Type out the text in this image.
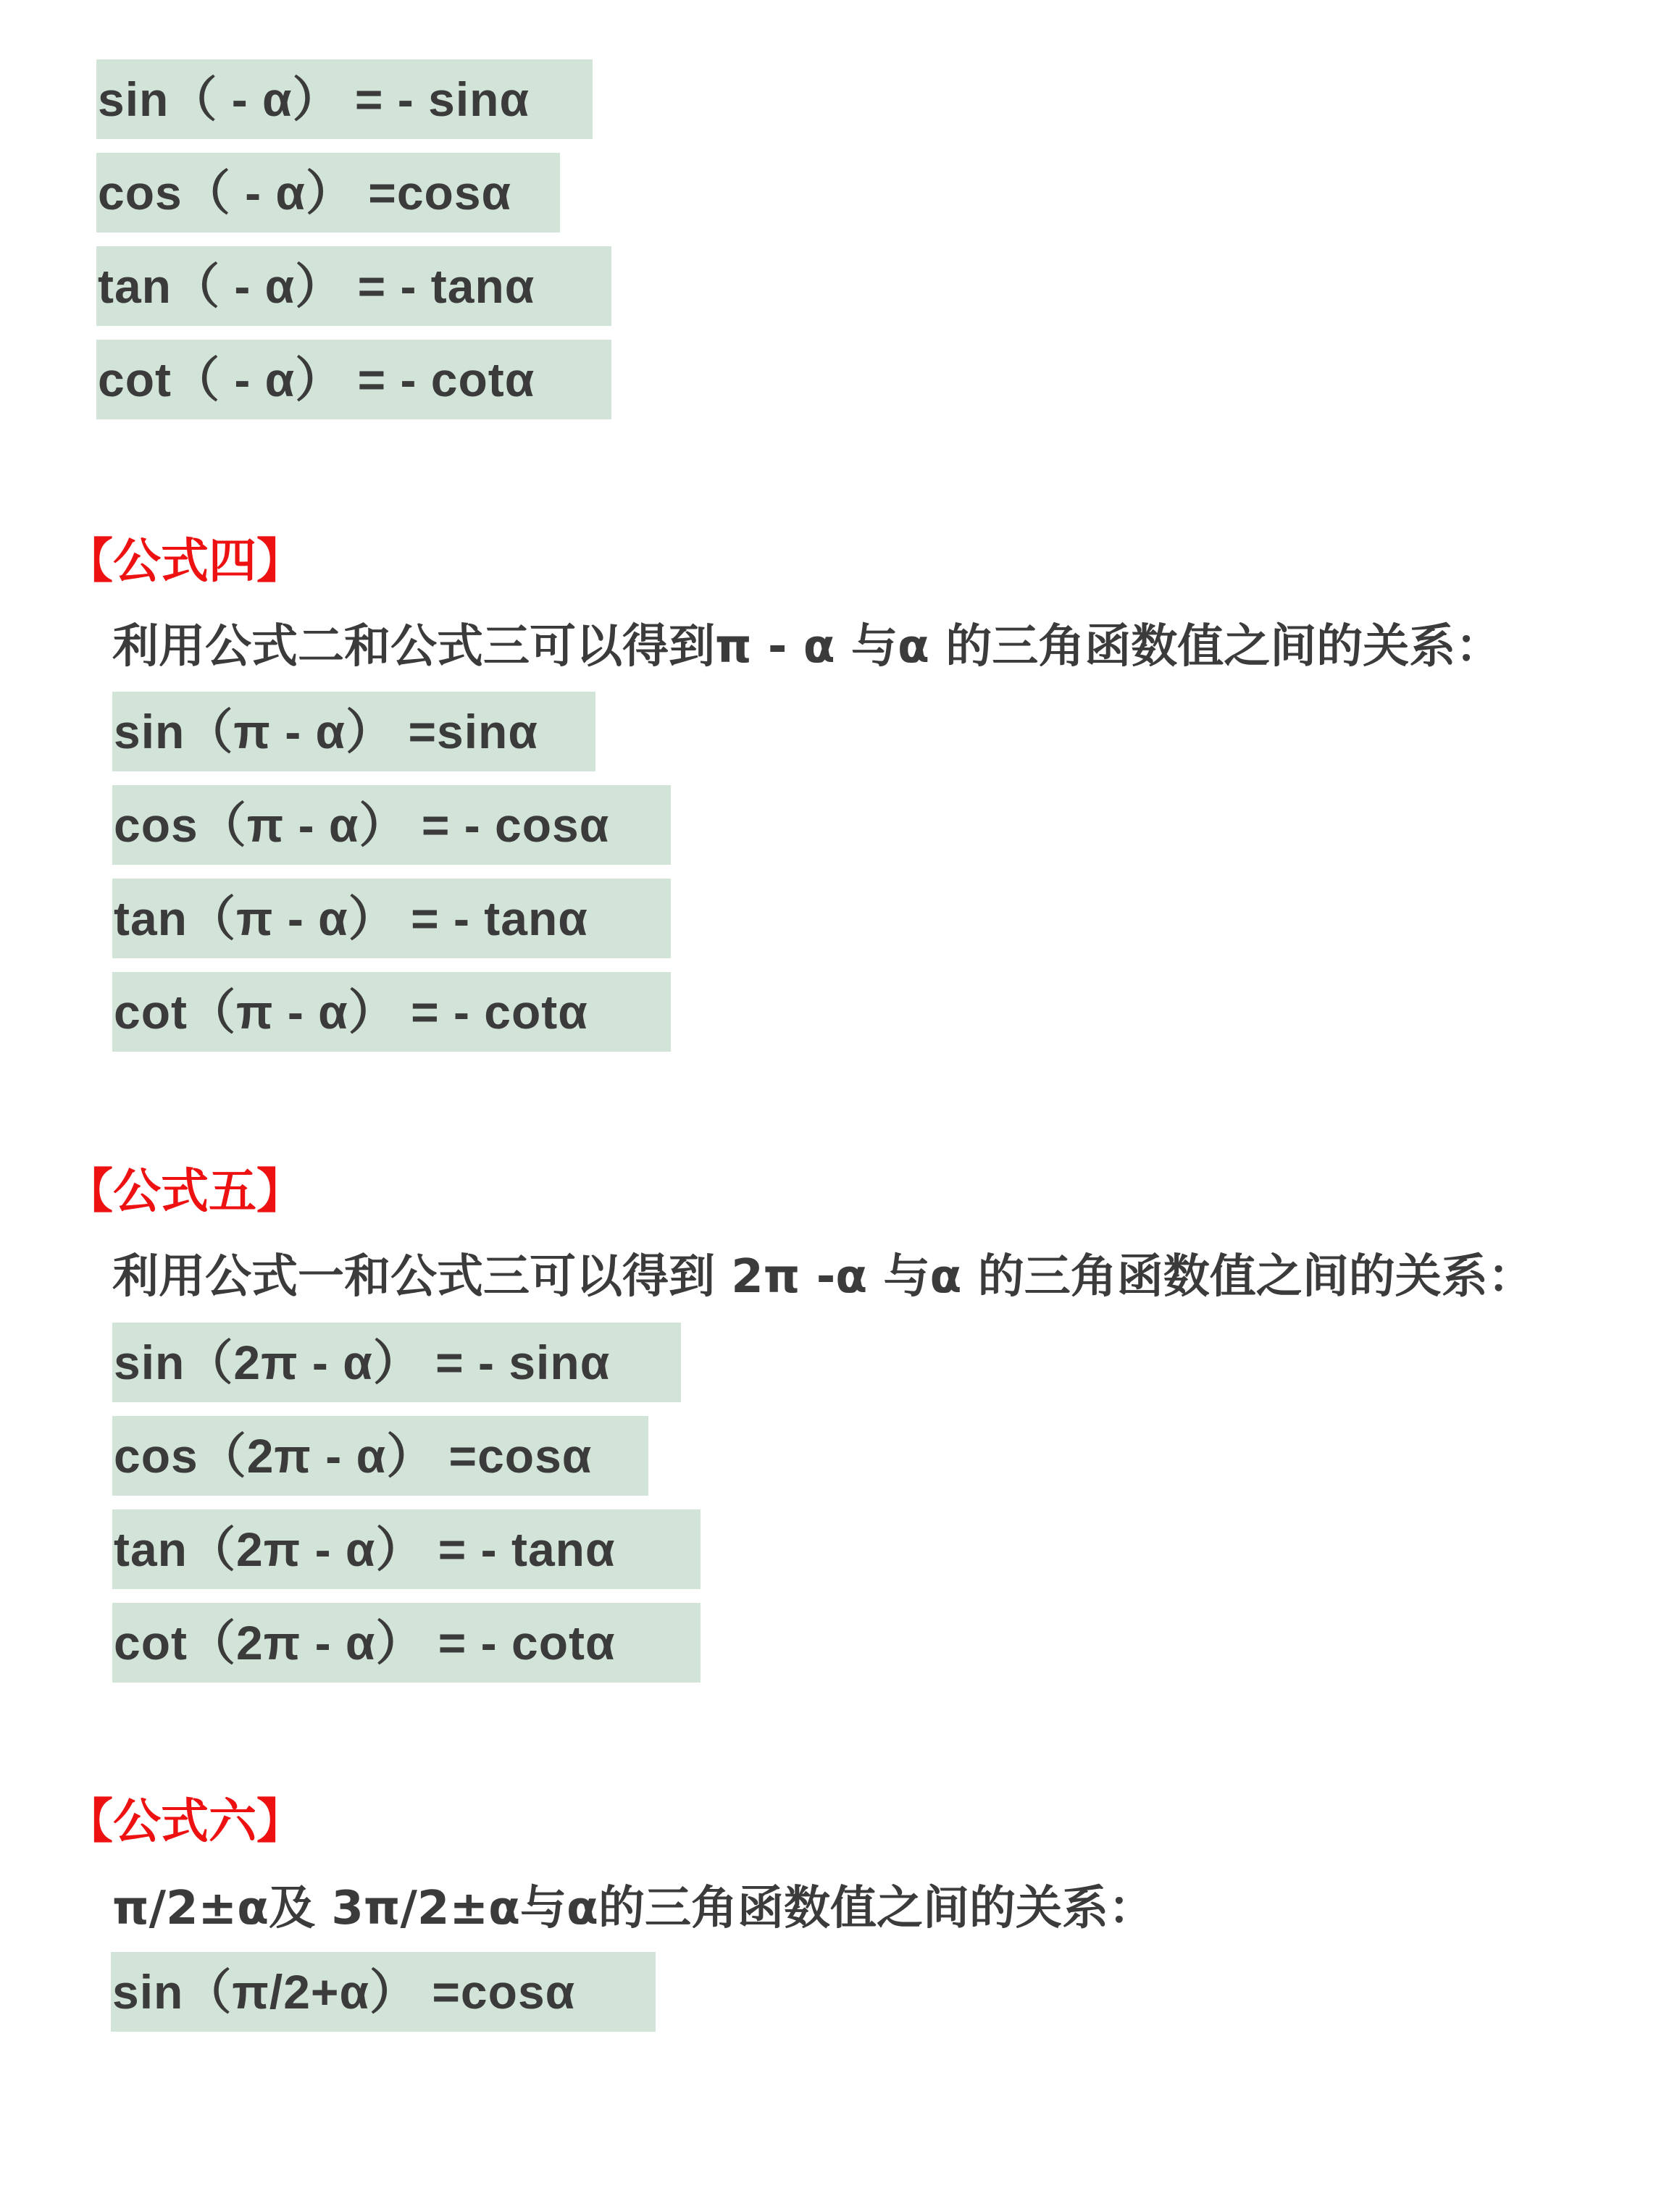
sin（ - α） = - sinα
cos（ - α） =cosα
tan（ - α） = - tanα
cot（ - α） = - cotα
【公式四】
利用公式二和公式三可以得到π - α 与α 的三角函数值之间的关系：
sin（π - α） =sinα
cos（π - α） = - cosα
tan（π - α） = - tanα
cot（π - α） = - cotα
【公式五】
利用公式一和公式三可以得到 2π -α 与α 的三角函数值之间的关系：
sin（2π - α） = - sinα
cos（2π - α） =cosα
tan（2π - α） = - tanα
cot（2π - α） = - cotα
【公式六】
π/2±α及 3π/2±α与α的三角函数值之间的关系：
sin（π/2+α） =cosα
